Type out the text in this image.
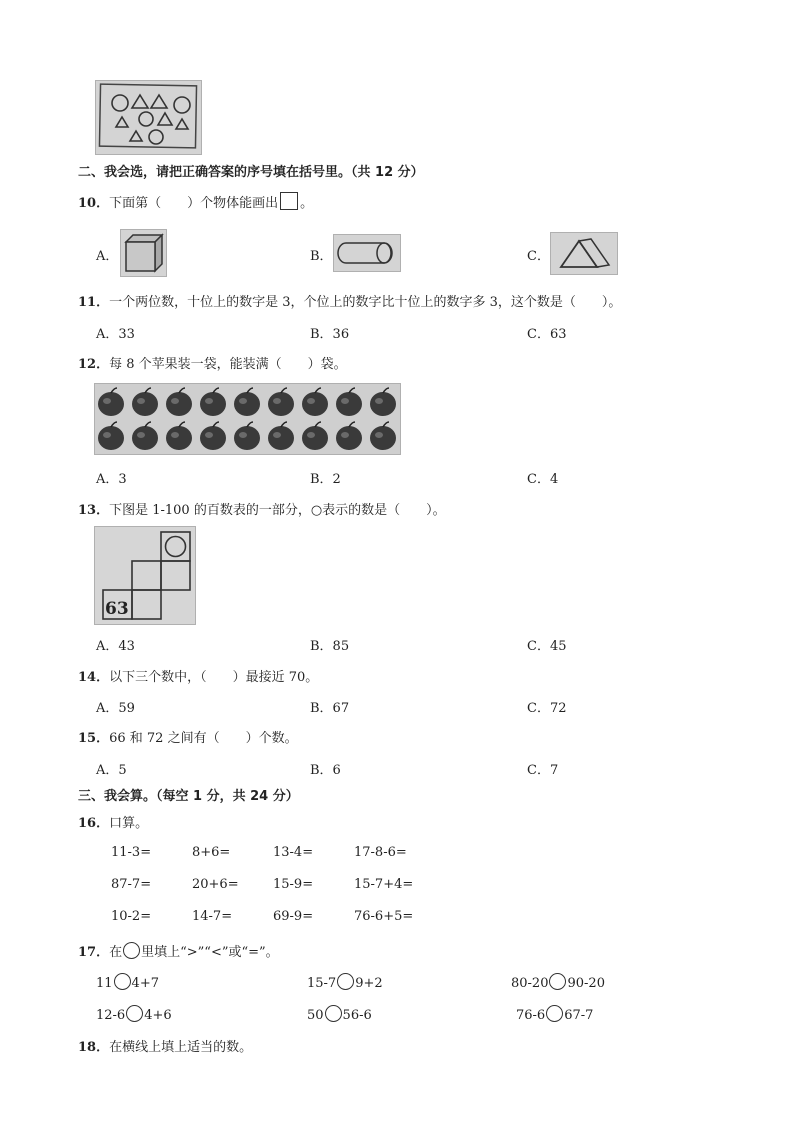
二、我会选，请把正确答案的序号填在括号里。（共 12 分）
10．下面第（　　）个物体能画出 。
A．	B．	C．
11．一个两位数，十位上的数字是 3，个位上的数字比十位上的数字多 3，这个数是（　　）。
A．33	B．36	C．63
12．每 8 个苹果装一袋，能装满（　　）袋。
A．3	B．2	C．4
13．下图是 1-100 的百数表的一部分，○表示的数是（　　）。
63
A．43	B．85	C．45
14．以下三个数中，（　　）最接近 70。
A．59	B．67	C．72
15．66 和 72 之间有（　　）个数。
A．5	B．6	C．7
三、我会算。（每空 1 分，共 24 分）
16．口算。
11-3=	8+6=	13-4=	17-8-6=
87-7=	20+6=	15-9=	15-7+4=
10-2=	14-7=	69-9=	76-6+5=
17．在 里填上“>”“<”或“=”。
11 4+7	15-7 9+2	80-20 90-20
12-6 4+6	50 56-6	76-6 67-7
18．在横线上填上适当的数。
